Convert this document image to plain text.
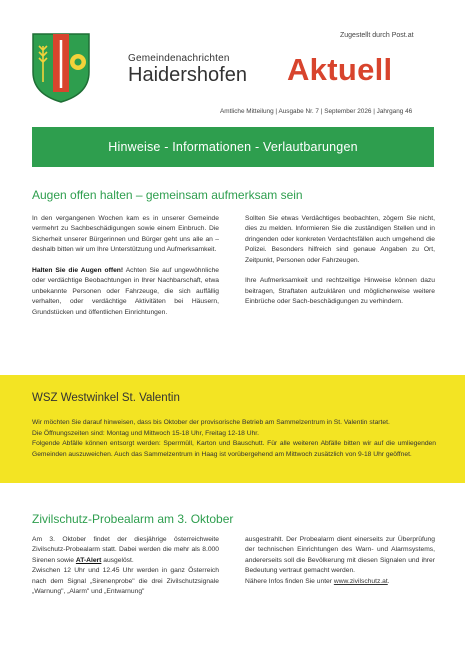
Zugestellt durch Post.at
Gemeindenachrichten
Haidershofen Aktuell
Amtliche Mitteilung | Ausgabe Nr. 7 | September 2026 | Jahrgang 46
Hinweise - Informationen - Verlautbarungen
Augen offen halten – gemeinsam aufmerksam sein

In den vergangenen Wochen kam es in unserer Gemeinde vermehrt zu Sachbeschädigungen sowie einem Einbruch. Die Sicherheit unserer Bürgerinnen und Bürger geht uns alle an – deshalb bitten wir um Ihre Unterstützung und Aufmerksamkeit.

Halten Sie die Augen offen! Achten Sie auf ungewöhnliche oder verdächtige Beobachtungen in Ihrer Nachbarschaft, etwa unbekannte Personen oder Fahrzeuge, die sich auffällig verhalten, oder verdächtige Aktivitäten bei Häusern, Grundstücken und öffentlichen Einrichtungen.

Sollten Sie etwas Verdächtiges beobachten, zögern Sie nicht, dies zu melden. Informieren Sie die zuständigen Stellen und in dringenden oder konkreten Verdachtsfällen auch umgehend die Polizei. Besonders hilfreich sind genaue Angaben zu Ort, Zeitpunkt, Personen oder Fahrzeugen.

Ihre Aufmerksamkeit und rechtzeitige Hinweise können dazu beitragen, Straftaten aufzuklären und möglicherweise weitere Einbrüche oder Sach-beschädigungen zu verhindern.

WSZ Westwinkel St. Valentin
Wir möchten Sie darauf hinweisen, dass bis Oktober der provisorische Betrieb am Sammelzentrum in St. Valentin startet.
Die Öffnungszeiten sind: Montag und Mittwoch 15-18 Uhr, Freitag 12-18 Uhr.
Folgende Abfälle können entsorgt werden: Sperrmüll, Karton und Bauschutt. Für alle weiteren Abfälle bitten wir auf die umliegenden Gemeinden auszuweichen. Auch das Sammelzentrum in Haag ist vorübergehend am Mittwoch zusätzlich von 9-18 Uhr geöffnet.
Zivilschutz-Probealarm am 3. Oktober
Am 3. Oktober findet der diesjährige österreichweite Zivilschutz-Probealarm statt. Dabei werden die mehr als 8.000 Sirenen sowie AT-Alert ausgelöst.
Zwischen 12 Uhr und 12.45 Uhr werden in ganz Österreich nach dem Signal „Sirenenprobe" die drei Zivilschutzsignale „Warnung", „Alarm" und „Entwarnung"
ausgestrahlt. Der Probealarm dient einerseits zur Überprüfung der technischen Einrichtungen des Warn- und Alarmsystems, andererseits soll die Bevölkerung mit diesen Signalen und ihrer Bedeutung vertraut gemacht werden.
Nähere Infos finden Sie unter www.zivilschutz.at.
